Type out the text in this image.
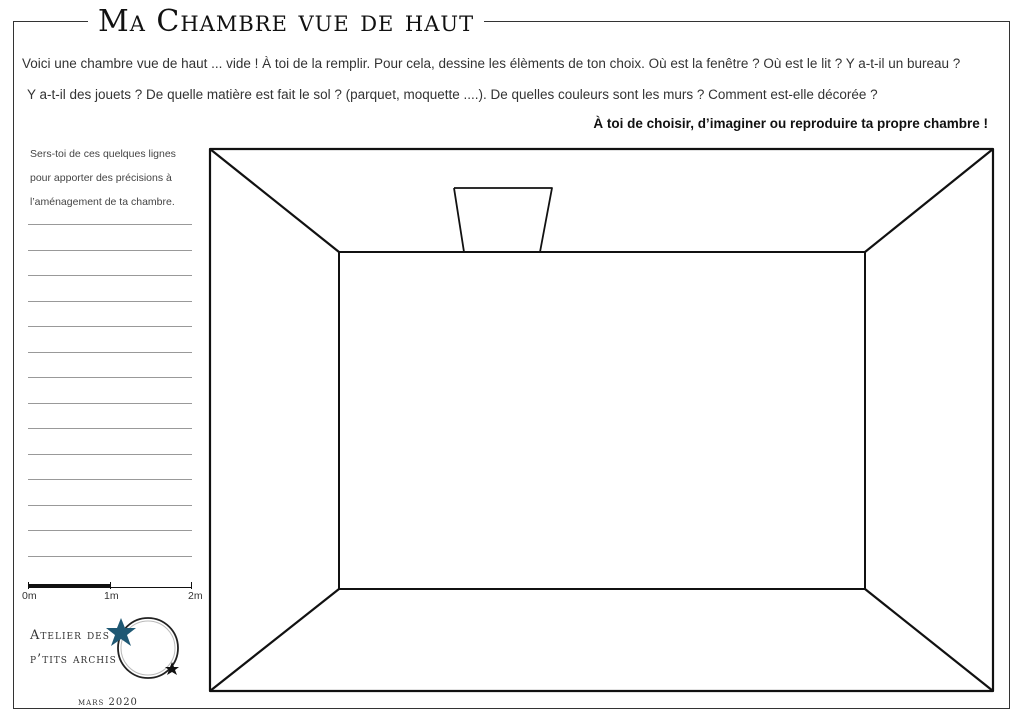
Ma Chambre vue de haut
Voici une chambre vue de haut ... vide ! À toi de la remplir. Pour cela, dessine les élèments de ton choix. Où est la fenêtre ? Où est le lit ? Y a-t-il un bureau ?
Y a-t-il des jouets ? De quelle matière est fait le sol ? (parquet, moquette ....). De quelles couleurs sont les murs ? Comment est-elle décorée ?
À toi de choisir, d’imaginer ou reproduire ta propre chambre !
Sers-toi de ces quelques lignes pour apporter des précisions à l’aménagement de ta chambre.
0m	1m	2m
Atelier des
p’tits archis
mars 2020
